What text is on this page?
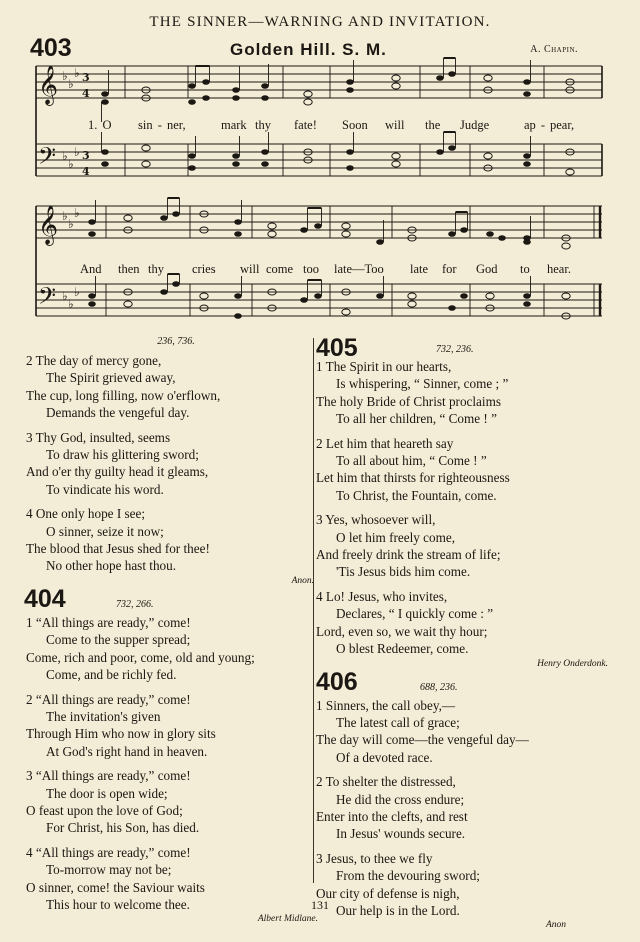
THE SINNER—WARNING AND INVITATION.
403	Golden Hill. S. M.	A. Chapin.
𝄞
𝄢
♭
♭
♭
♭
♭
♭
3
4
3
4
1. O sin - ner,	mark thy fate! Soon will the Judge	ap - pear,
𝄞
𝄢
♭
♭
♭
♭
♭
♭
And then thy cries will come too late—Too late for God to hear.
236, 736.
2 The day of mercy gone,
The Spirit grieved away,
The cup, long filling, now o'erflown,
Demands the vengeful day.
3 Thy God, insulted, seems
To draw his glittering sword;
And o'er thy guilty head it gleams,
To vindicate his word.
4 One only hope I see;
O sinner, seize it now;
The blood that Jesus shed for thee!
No other hope hast thou.
Anon.
404	732, 266.
1 “All things are ready,” come!
Come to the supper spread;
Come, rich and poor, come, old and young;
Come, and be richly fed.
2 “All things are ready,” come!
The invitation's given
Through Him who now in glory sits
At God's right hand in heaven.
3 “All things are ready,” come!
The door is open wide;
O feast upon the love of God;
For Christ, his Son, has died.
4 “All things are ready,” come!
To-morrow may not be;
O sinner, come! the Saviour waits
This hour to welcome thee.
Albert Midlane.
405	732, 236.
1 The Spirit in our hearts,
Is whispering, “ Sinner, come ; ”
The holy Bride of Christ proclaims
To all her children, “ Come ! ”
2 Let him that heareth say
To all about him, “ Come ! ”
Let him that thirsts for righteousness
To Christ, the Fountain, come.
3 Yes, whosoever will,
O let him freely come,
And freely drink the stream of life;
'Tis Jesus bids him come.
4 Lo! Jesus, who invites,
Declares, “ I quickly come : ”
Lord, even so, we wait thy hour;
O blest Redeemer, come.
Henry Onderdonk.
406	688, 236.
1 Sinners, the call obey,—
The latest call of grace;
The day will come—the vengeful day—
Of a devoted race.
2 To shelter the distressed,
He did the cross endure;
Enter into the clefts, and rest
In Jesus' wounds secure.
3 Jesus, to thee we fly
From the devouring sword;
Our city of defense is nigh,
Our help is in the Lord.
Anon
131
